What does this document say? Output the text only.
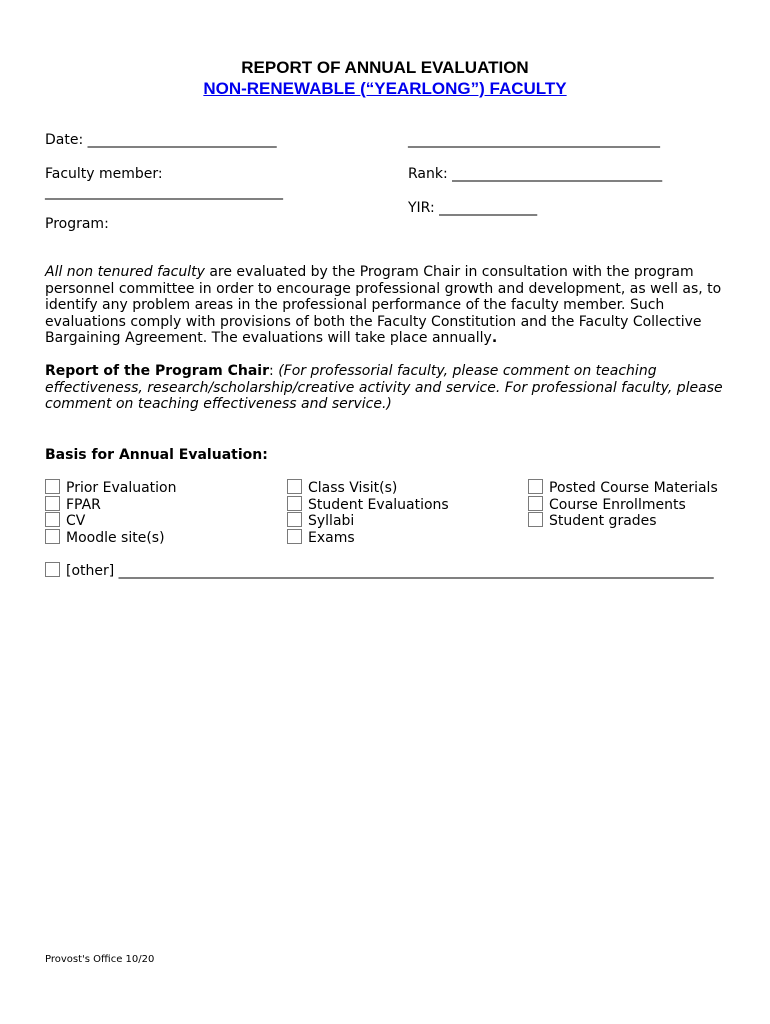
REPORT OF ANNUAL EVALUATION
NON-RENEWABLE (“YEARLONG”) FACULTY
Date: ___________________________	____________________________________
Faculty member:
__________________________________
Rank: ______________________________
YIR: ______________
Program:
All non tenured faculty are evaluated by the Program Chair in consultation with the program personnel committee in order to encourage professional growth and development, as well as, to identify any problem areas in the professional performance of the faculty member. Such evaluations comply with provisions of both the Faculty Constitution and the Faculty Collective Bargaining Agreement. The evaluations will take place annually.
Report of the Program Chair: (For professorial faculty, please comment on teaching effectiveness, research/scholarship/creative activity and service. For professional faculty, please comment on teaching effectiveness and service.)
Basis for Annual Evaluation:
Prior Evaluation
FPAR
CV
Moodle site(s)
Class Visit(s)
Student Evaluations
Syllabi
Exams
Posted Course Materials
Course Enrollments
Student grades
[other] _____________________________________________________________________________________
Provost's Office 10/20
